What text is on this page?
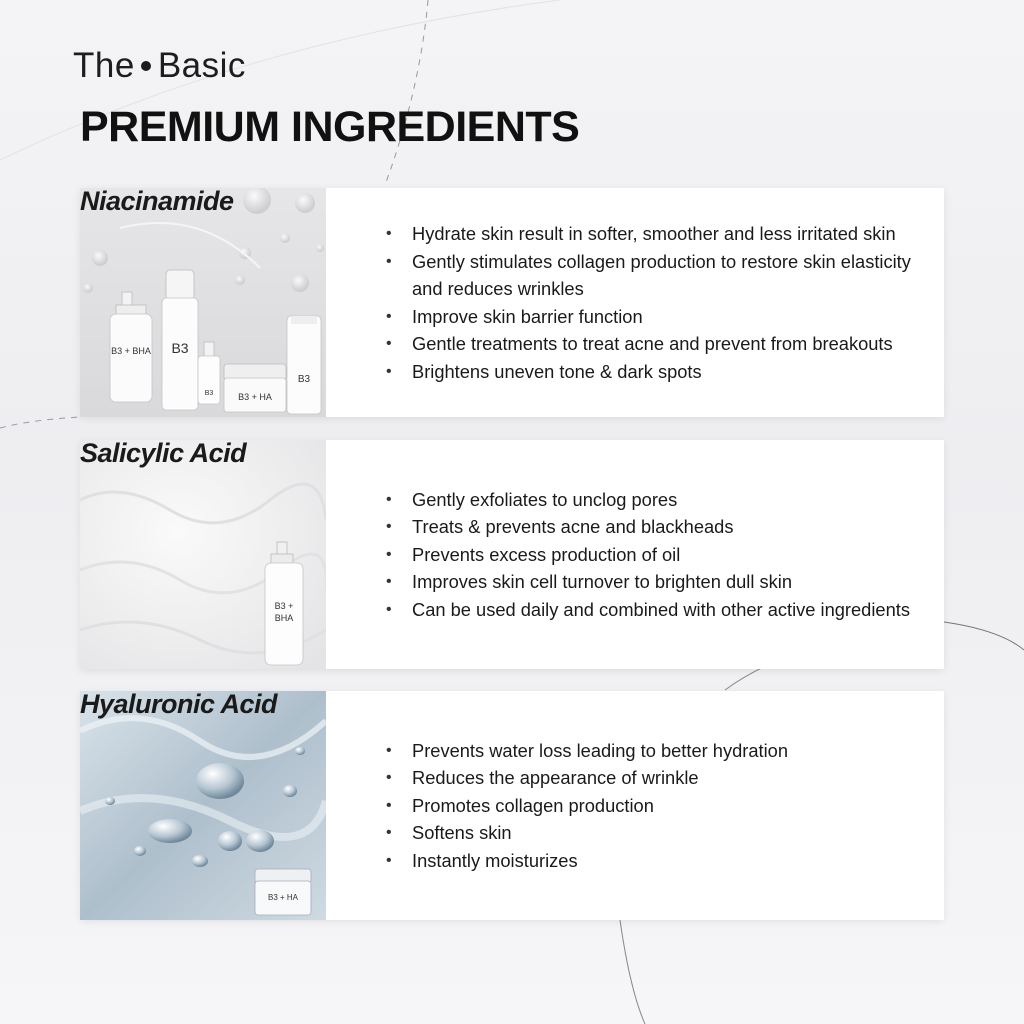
The Basic
PREMIUM INGREDIENTS
Niacinamide
B3 + BHA	B3
B3	B3 + HA
B3
• Hydrate skin result in softer, smoother and less irritated skin
• Gently stimulates collagen production to restore skin elasticity and reduces wrinkles
• Improve skin barrier function
• Gentle treatments to treat acne and prevent from breakouts
• Brightens uneven tone & dark spots
Salicylic Acid
B3 + BHA
• Gently exfoliates to unclog pores
• Treats & prevents acne and blackheads
• Prevents excess production of oil
• Improves skin cell turnover to brighten dull skin
• Can be used daily and combined with other active ingredients
Hyaluronic Acid
B3 + HA
• Prevents water loss leading to better hydration
• Reduces the appearance of wrinkle
• Promotes collagen production
• Softens skin
• Instantly moisturizes
